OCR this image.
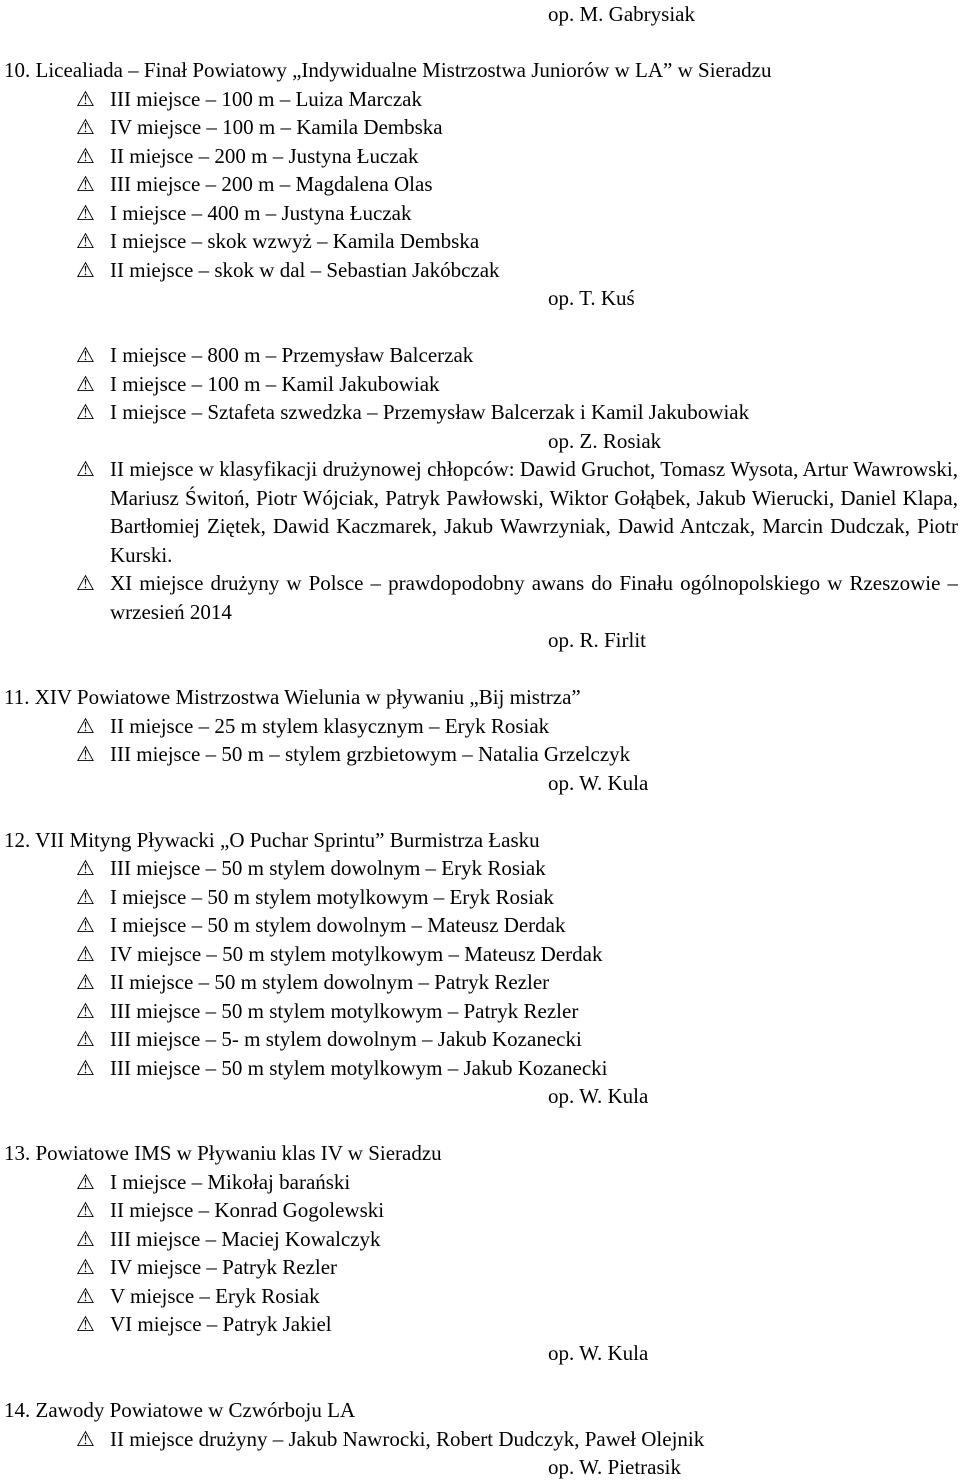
op. M. Gabrysiak
10. Licealiada – Finał Powiatowy „Indywidualne Mistrzostwa Juniorów w LA” w Sieradzu
⚠ III miejsce – 100 m – Luiza Marczak
⚠ IV miejsce – 100 m – Kamila Dembska
⚠ II miejsce – 200 m – Justyna Łuczak
⚠ III miejsce – 200 m – Magdalena Olas
⚠ I miejsce – 400 m – Justyna Łuczak
⚠ I miejsce – skok wzwyż – Kamila Dembska
⚠ II miejsce – skok w dal – Sebastian Jakóbczak
op. T. Kuś
⚠ I miejsce – 800 m – Przemysław Balcerzak
⚠ I miejsce – 100 m – Kamil Jakubowiak
⚠ I miejsce – Sztafeta szwedzka – Przemysław Balcerzak i Kamil Jakubowiak
op. Z. Rosiak
⚠ II miejsce w klasyfikacji drużynowej chłopców: Dawid Gruchot, Tomasz Wysota, Artur Wawrowski, Mariusz Świtoń, Piotr Wójciak, Patryk Pawłowski, Wiktor Gołąbek, Jakub Wierucki, Daniel Klapa, Bartłomiej Ziętek, Dawid Kaczmarek, Jakub Wawrzyniak, Dawid Antczak, Marcin Dudczak, Piotr Kurski.
⚠ XI miejsce drużyny w Polsce – prawdopodobny awans do Finału ogólnopolskiego w Rzeszowie – wrzesień 2014
op. R. Firlit
11. XIV Powiatowe Mistrzostwa Wielunia w pływaniu „Bij mistrza”
⚠ II miejsce – 25 m stylem klasycznym – Eryk Rosiak
⚠ III miejsce – 50 m – stylem grzbietowym – Natalia Grzelczyk
op. W. Kula
12. VII Mityng Pływacki „O Puchar Sprintu” Burmistrza Łasku
⚠ III miejsce – 50 m stylem dowolnym – Eryk Rosiak
⚠ I miejsce – 50 m stylem motylkowym – Eryk Rosiak
⚠ I miejsce – 50 m stylem dowolnym – Mateusz Derdak
⚠ IV miejsce – 50 m stylem motylkowym – Mateusz Derdak
⚠ II miejsce – 50 m stylem dowolnym – Patryk Rezler
⚠ III miejsce – 50 m stylem motylkowym – Patryk Rezler
⚠ III miejsce – 5- m stylem dowolnym – Jakub Kozanecki
⚠ III miejsce – 50 m stylem motylkowym – Jakub Kozanecki
op. W. Kula
13. Powiatowe IMS w Pływaniu klas IV w Sieradzu
⚠ I miejsce – Mikołaj barański
⚠ II miejsce – Konrad Gogolewski
⚠ III miejsce – Maciej Kowalczyk
⚠ IV miejsce – Patryk Rezler
⚠ V miejsce – Eryk Rosiak
⚠ VI miejsce – Patryk Jakiel
op. W. Kula
14. Zawody Powiatowe w Czwórboju LA
⚠ II miejsce drużyny – Jakub Nawrocki, Robert Dudczyk, Paweł Olejnik
op. W. Pietrasik
